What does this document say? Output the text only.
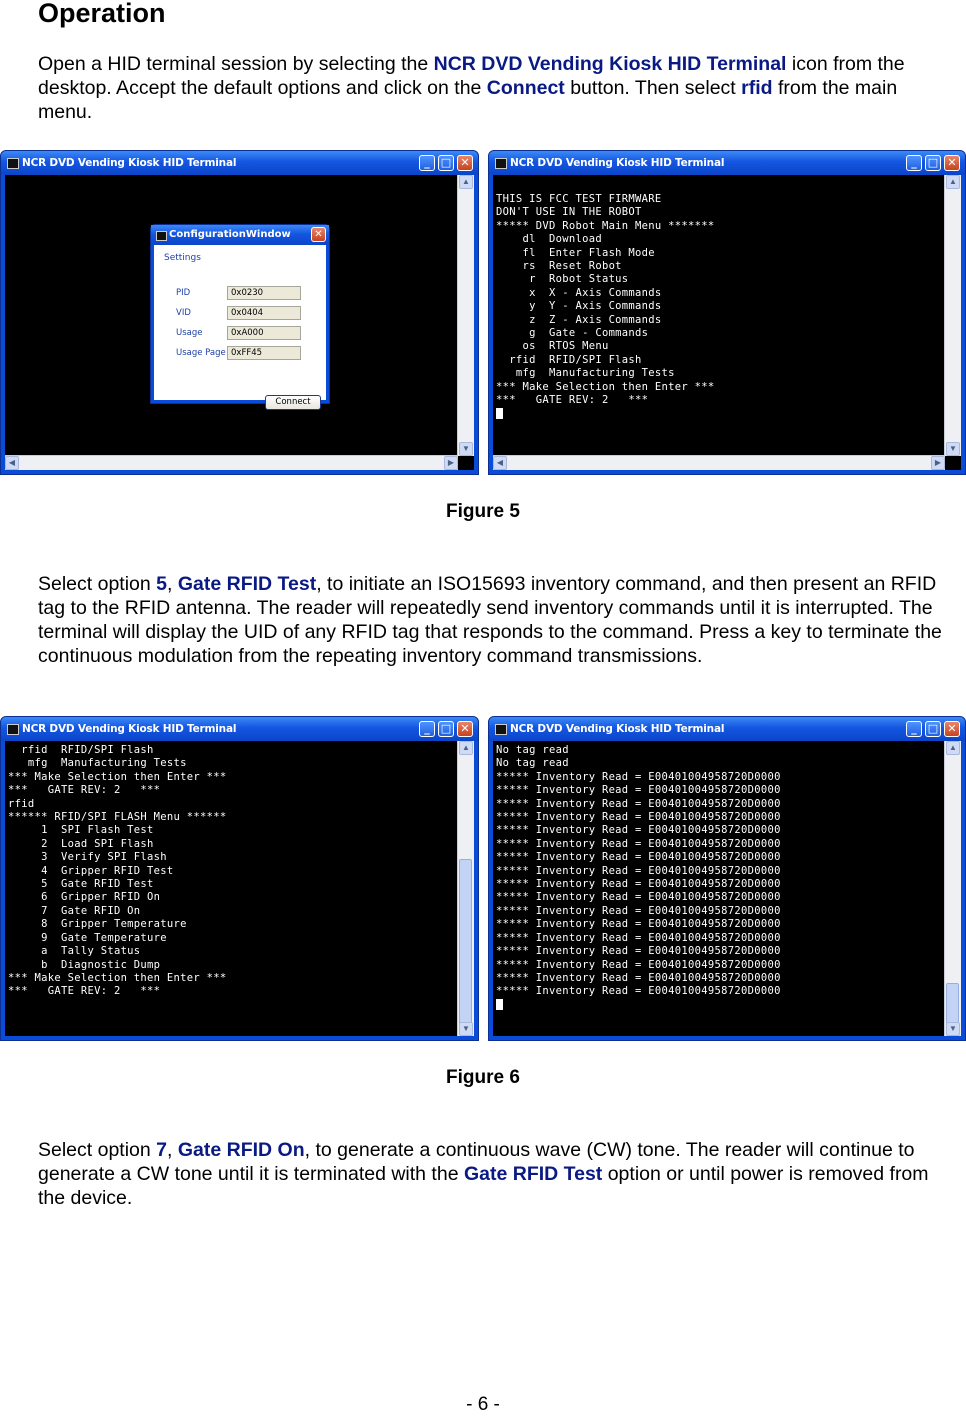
Operation

Open a HID terminal session by selecting the NCR DVD Vending Kiosk HID Terminal icon from the desktop. Accept the default options and click on the Connect button. Then select rfid from the main menu.

NCR DVD Vending Kiosk HID Terminal	_	□ ✕
▲
▼
◀	▶
ConfigurationWindow	✕
Settings
PID	0x0230
VID	0x0404
Usage	0xA000
Usage Page 0xFF45
Connect
NCR DVD Vending Kiosk HID Terminal	_	□ ✕
THIS IS FCC TEST FIRMWARE
DON'T USE IN THE ROBOT
***** DVD Robot Main Menu *******
dl  Download
fl  Enter Flash Mode
rs  Reset Robot
r  Robot Status
x  X - Axis Commands
y  Y - Axis Commands
z  Z - Axis Commands
g  Gate - Commands
os  RTOS Menu
rfid  RFID/SPI Flash
mfg  Manufacturing Tests
*** Make Selection then Enter ***
***   GATE REV: 2   ***

▲
▼
◀	▶
Figure 5

Select option 5, Gate RFID Test, to initiate an ISO15693 inventory command, and then present an RFID tag to the RFID antenna. The reader will repeatedly send inventory commands until it is interrupted. The terminal will display the UID of any RFID tag that responds to the command. Press a key to terminate the continuous modulation from the repeating inventory command transmissions.

NCR DVD Vending Kiosk HID Terminal	_	□ ✕
rfid  RFID/SPI Flash
mfg  Manufacturing Tests
*** Make Selection then Enter ***
***   GATE REV: 2   ***
rfid
****** RFID/SPI FLASH Menu ******
1  SPI Flash Test
2  Load SPI Flash
3  Verify SPI Flash
4  Gripper RFID Test
5  Gate RFID Test
6  Gripper RFID On
7  Gate RFID On
8  Gripper Temperature
9  Gate Temperature
a  Tally Status
b  Diagnostic Dump
*** Make Selection then Enter ***
***   GATE REV: 2   ***
▲
▼
NCR DVD Vending Kiosk HID Terminal	_	□ ✕
No tag read
No tag read
***** Inventory Read = E00401004958720D0000
***** Inventory Read = E00401004958720D0000
***** Inventory Read = E00401004958720D0000
***** Inventory Read = E00401004958720D0000
***** Inventory Read = E00401004958720D0000
***** Inventory Read = E00401004958720D0000
***** Inventory Read = E00401004958720D0000
***** Inventory Read = E00401004958720D0000
***** Inventory Read = E00401004958720D0000
***** Inventory Read = E00401004958720D0000
***** Inventory Read = E00401004958720D0000
***** Inventory Read = E00401004958720D0000
***** Inventory Read = E00401004958720D0000
***** Inventory Read = E00401004958720D0000
***** Inventory Read = E00401004958720D0000
***** Inventory Read = E00401004958720D0000
***** Inventory Read = E00401004958720D0000

▲
▼
Figure 6

Select option 7, Gate RFID On, to generate a continuous wave (CW) tone. The reader will continue to generate a CW tone until it is terminated with the Gate RFID Test option or until power is removed from the device.

- 6 -
